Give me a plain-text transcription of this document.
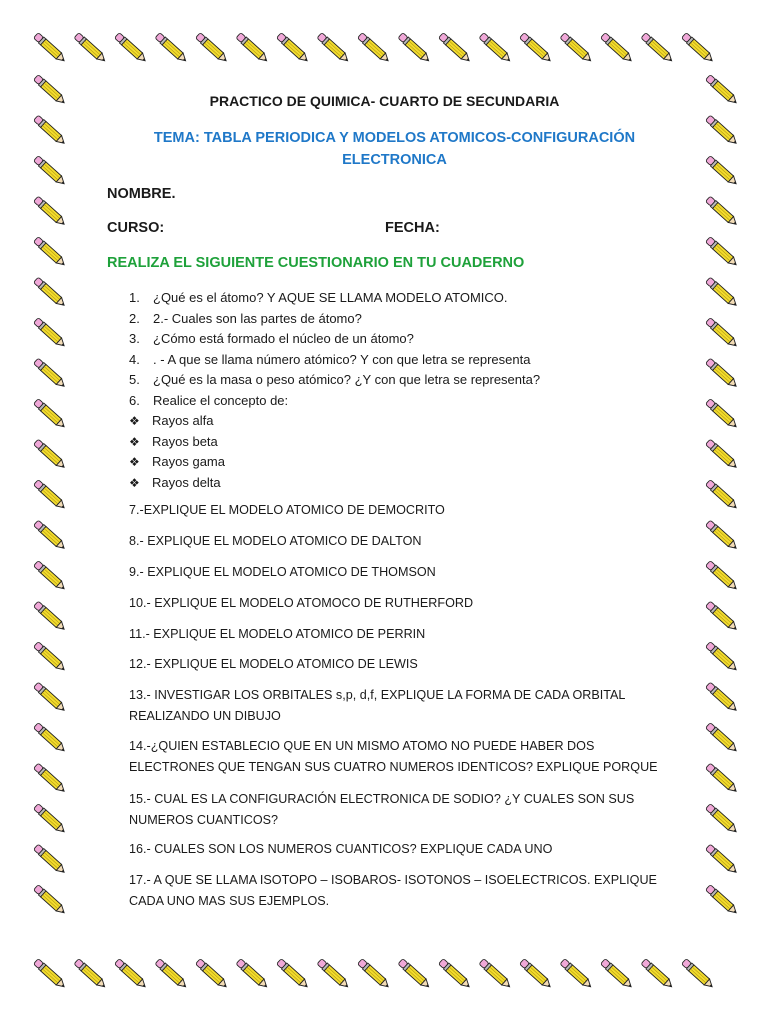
PRACTICO DE QUIMICA- CUARTO DE SECUNDARIA
TEMA: TABLA PERIODICA Y MODELOS ATOMICOS-CONFIGURACIÓN
ELECTRONICA
NOMBRE.
CURSO:	FECHA:
REALIZA EL SIGUIENTE CUESTIONARIO EN TU CUADERNO
1. ¿Qué es el átomo? Y AQUE SE LLAMA MODELO ATOMICO.
2. 2.- Cuales son las partes de átomo?
3. ¿Cómo está formado el núcleo de un átomo?
4. . - A que se llama número atómico? Y con que letra se representa
5. ¿Qué es la masa o peso atómico? ¿Y con que letra se representa?
6. Realice el concepto de:
❖ Rayos alfa
❖ Rayos beta
❖ Rayos gama
❖ Rayos delta
7.-EXPLIQUE EL MODELO ATOMICO DE DEMOCRITO
8.- EXPLIQUE EL MODELO ATOMICO DE DALTON
9.- EXPLIQUE EL MODELO ATOMICO DE THOMSON
10.- EXPLIQUE EL MODELO ATOMOCO DE RUTHERFORD
11.- EXPLIQUE EL MODELO ATOMICO DE PERRIN
12.- EXPLIQUE EL MODELO ATOMICO DE LEWIS
13.- INVESTIGAR LOS ORBITALES s,p, d,f, EXPLIQUE LA FORMA DE CADA ORBITAL
REALIZANDO UN DIBUJO
14.-¿QUIEN ESTABLECIO QUE EN UN MISMO ATOMO NO PUEDE HABER DOS
ELECTRONES QUE TENGAN SUS CUATRO NUMEROS IDENTICOS? EXPLIQUE PORQUE
15.- CUAL ES LA CONFIGURACIÓN ELECTRONICA DE SODIO? ¿Y CUALES SON SUS
NUMEROS CUANTICOS?
16.- CUALES SON LOS NUMEROS CUANTICOS? EXPLIQUE CADA UNO
17.- A QUE SE LLAMA ISOTOPO – ISOBAROS- ISOTONOS – ISOELECTRICOS. EXPLIQUE
CADA UNO MAS SUS EJEMPLOS.
